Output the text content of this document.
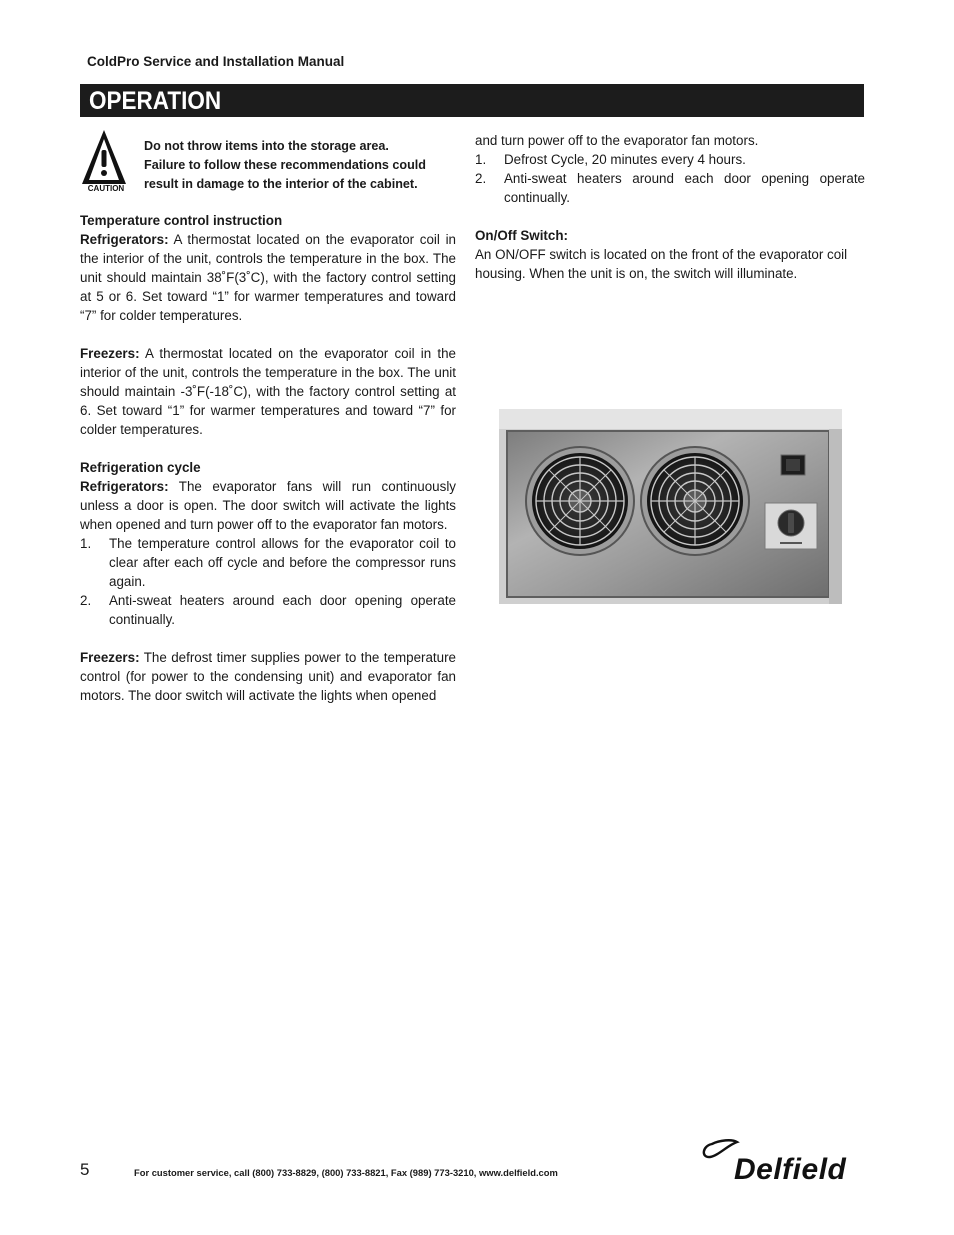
ColdPro Service and Installation Manual
OPERATION
CAUTION
Do not throw items into the storage area.
Failure to follow these recommendations could
result in damage to the interior of the cabinet.

Temperature control instruction

Refrigerators: A thermostat located on the evaporator coil in the interior of the unit, controls the temperature in the box. The unit should maintain 38˚F(3˚C), with the factory control setting at 5 or 6. Set toward “1” for warmer temperatures and toward “7” for colder temperatures.

Freezers: A thermostat located on the evaporator coil in the interior of the unit, controls the temperature in the box. The unit should maintain -3˚F(-18˚C), with the factory control setting at 6. Set toward “1” for warmer temperatures and toward “7” for colder temperatures.

Refrigeration cycle

Refrigerators: The evaporator fans will run continuously unless a door is open. The door switch will activate the lights when opened and turn power off to the evaporator fan motors.

1. The temperature control allows for the evaporator coil to clear after each off cycle and before the compressor runs again.
2. Anti-sweat heaters around each door opening operate continually.

Freezers: The defrost timer supplies power to the temperature control (for power to the condensing unit) and evaporator fan motors. The door switch will activate the lights when opened

and turn power off to the evaporator fan motors.

1. Defrost Cycle, 20 minutes every 4 hours.
2. Anti-sweat heaters around each door opening operate continually.

On/Off Switch:

An ON/OFF switch is located on the front of the evaporator coil housing. When the unit is on, the switch will illuminate.

5	For customer service, call (800) 733-8829, (800) 733-8821, Fax (989) 773-3210, www.delfield.com	Delfield
